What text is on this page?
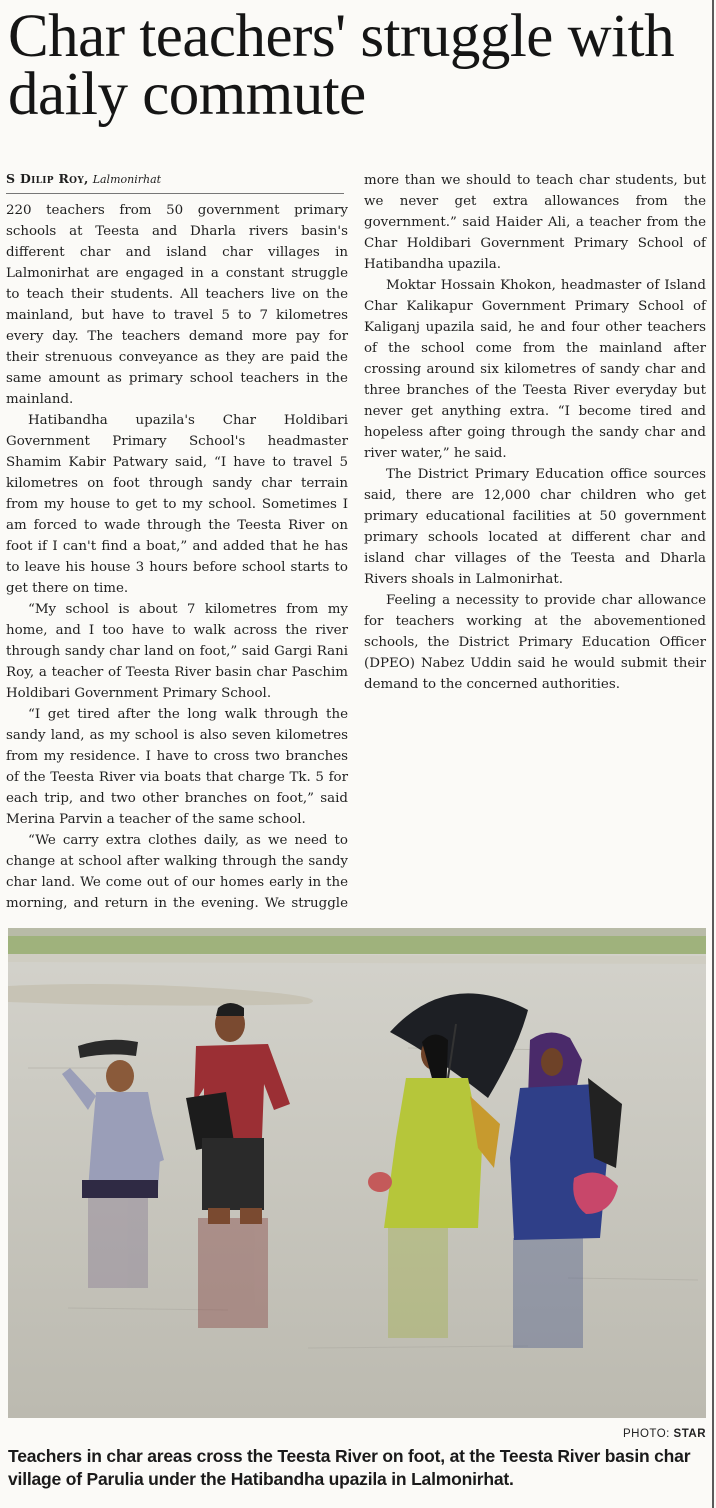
Char teachers' struggle with daily commute
S Dilip Roy, Lalmonirhat

220 teachers from 50 government primary schools at Teesta and Dharla rivers basin's different char and island char villages in Lalmonirhat are engaged in a constant struggle to teach their students. All teachers live on the mainland, but have to travel 5 to 7 kilometres every day. The teachers demand more pay for their strenuous conveyance as they are paid the same amount as primary school teachers in the mainland.

Hatibandha upazila's Char Holdibari Government Primary School's headmaster Shamim Kabir Patwary said, “I have to travel 5 kilometres on foot through sandy char terrain from my house to get to my school. Sometimes I am forced to wade through the Teesta River on foot if I can't find a boat,” and added that he has to leave his house 3 hours before school starts to get there on time.

“My school is about 7 kilometres from my home, and I too have to walk across the river through sandy char land on foot,” said Gargi Rani Roy, a teacher of Teesta River basin char Paschim Holdibari Government Primary School.

“I get tired after the long walk through the sandy land, as my school is also seven kilometres from my residence. I have to cross two branches of the Teesta River via boats that charge Tk. 5 for each trip, and two other branches on foot,” said Merina Parvin a teacher of the same school.

“We carry extra clothes daily, as we need to change at school after walking through the sandy char land. We come out of our homes early in the morning, and return in the evening. We struggle more than we should to teach char students, but we never get extra allowances from the government.” said Haider Ali, a teacher from the Char Holdibari Government Primary School of Hatibandha upazila.

Moktar Hossain Khokon, headmaster of Island Char Kalikapur Government Primary School of Kaliganj upazila said, he and four other teachers of the school come from the mainland after crossing around six kilometres of sandy char and three branches of the Teesta River everyday but never get anything extra. “I become tired and hopeless after going through the sandy char and river water,” he said.

The District Primary Education office sources said, there are 12,000 char children who get primary educational facilities at 50 government primary schools located at different char and island char villages of the Teesta and Dharla Rivers shoals in Lalmonirhat.

Feeling a necessity to provide char allowance for teachers working at the abovementioned schools, the District Primary Education Officer (DPEO) Nabez Uddin said he would submit their demand to the concerned authorities.

PHOTO: STAR
Teachers in char areas cross the Teesta River on foot, at the Teesta River basin char village of Parulia under the Hatibandha upazila in Lalmonirhat.
